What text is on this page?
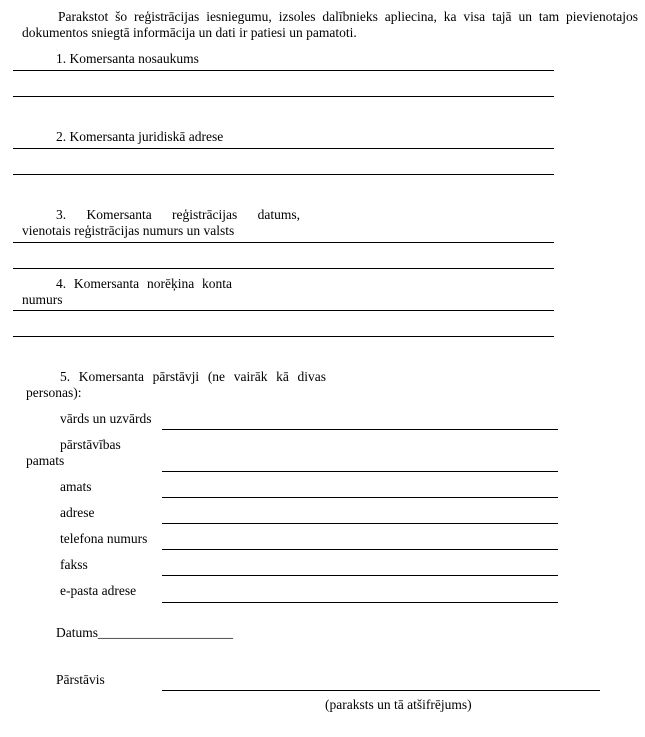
Parakstot šo reģistrācijas iesniegumu, izsoles dalībnieks apliecina, ka visa tajā un tam pievienotajos

dokumentos sniegtā informācija un dati ir patiesi un pamatoti.

1. Komersanta nosaukums
2. Komersanta juridiskā adrese
3. Komersanta reģistrācijas datums,
vienotais reģistrācijas numurs un valsts
4. Komersanta norēķina konta
numurs
5. Komersanta pārstāvji (ne vairāk kā divas
personas):
vārds un uzvārds
pārstāvības
pamats
amats
adrese
telefona numurs
fakss
e-pasta adrese
Datums____________________
Pārstāvis
(paraksts un tā atšifrējums)
